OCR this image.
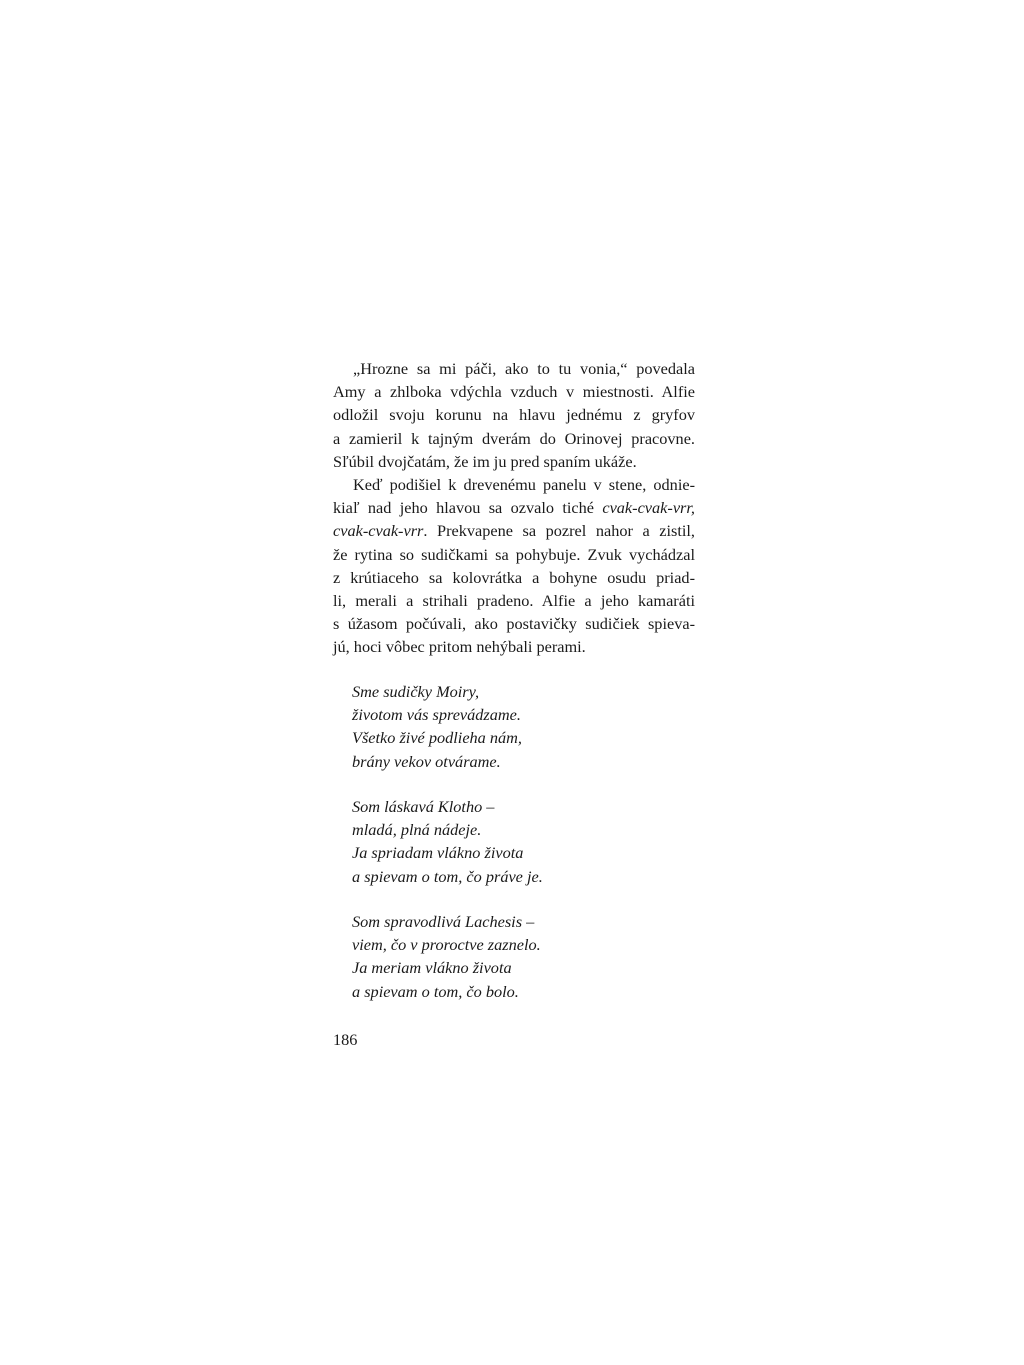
„Hrozne sa mi páči, ako to tu vonia,“ povedala
Amy a zhlboka vdýchla vzduch v miestnosti. Alfie
odložil svoju korunu na hlavu jednému z gryfov
a zamieril k tajným dverám do Orinovej pracovne.
Sľúbil dvojčatám, že im ju pred spaním ukáže.

Keď podišiel k drevenému panelu v stene, odnie-
kiaľ nad jeho hlavou sa ozvalo tiché cvak-cvak-vrr,
cvak-cvak-vrr. Prekvapene sa pozrel nahor a zistil,
že rytina so sudičkami sa pohybuje. Zvuk vychádzal
z krútiaceho sa kolovrátka a bohyne osudu priad-
li, merali a strihali pradeno. Alfie a jeho kamaráti
s úžasom počúvali, ako postavičky sudičiek spieva-
jú, hoci vôbec pritom nehýbali perami.

Sme sudičky Moiry,
životom vás sprevádzame.
Všetko živé podlieha nám,
brány vekov otvárame.
Som láskavá Klotho –
mladá, plná nádeje.
Ja spriadam vlákno života
a spievam o tom, čo práve je.
Som spravodlivá Lachesis –
viem, čo v proroctve zaznelo.
Ja meriam vlákno života
a spievam o tom, čo bolo.
186
